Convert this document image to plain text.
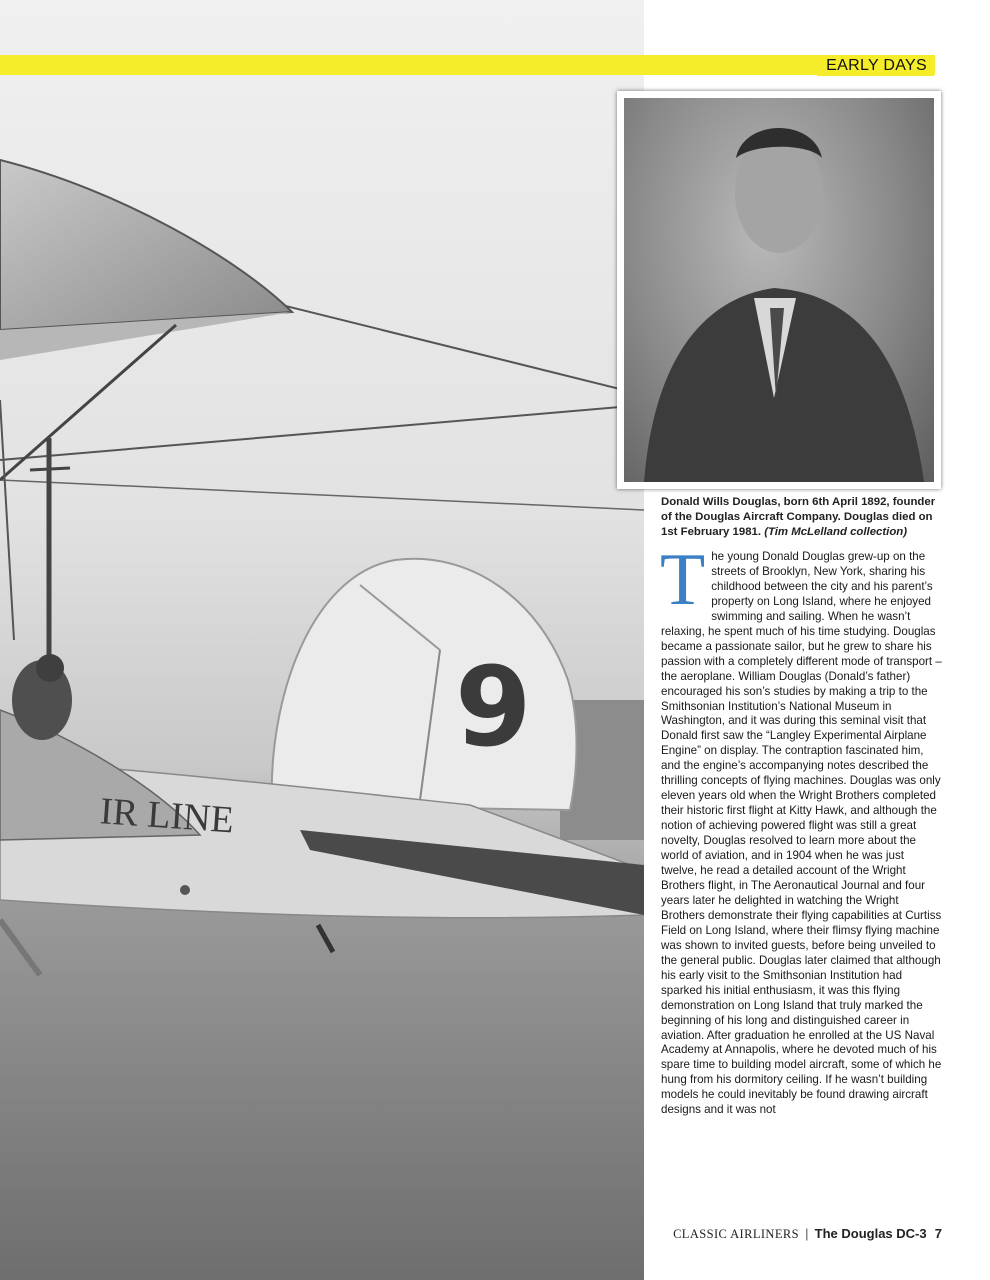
9
IR LINE
EARLY DAYS
Donald Wills Douglas, born 6th April 1892, founder of the Douglas Aircraft Company. Douglas died on 1st February 1981. (Tim McLelland collection)
T he young Donald Douglas grew-up on the streets of Brooklyn, New York, sharing his childhood between the city and his parent’s property on Long Island, where he enjoyed swimming and sailing. When he wasn’t relaxing, he spent much of his time studying. Douglas became a passionate sailor, but he grew to share his passion with a completely different mode of transport – the aeroplane. William Douglas (Donald’s father) encouraged his son’s studies by making a trip to the Smithsonian Institution’s National Museum in Washington, and it was during this seminal visit that Donald first saw the “Langley Experimental Airplane Engine” on display. The contraption fascinated him, and the engine’s accompanying notes described the thrilling concepts of flying machines. Douglas was only eleven years old when the Wright Brothers completed their historic first flight at Kitty Hawk, and although the notion of achieving powered flight was still a great novelty, Douglas resolved to learn more about the world of aviation, and in 1904 when he was just twelve, he read a detailed account of the Wright Brothers flight, in The Aeronautical Journal and four years later he delighted in watching the Wright Brothers demonstrate their flying capabilities at Curtiss Field on Long Island, where their flimsy flying machine was shown to invited guests, before being unveiled to the general public. Douglas later claimed that although his early visit to the Smithsonian Institution had sparked his initial enthusiasm, it was this flying demonstration on Long Island that truly marked the beginning of his long and distinguished career in aviation. After graduation he enrolled at the US Naval Academy at Annapolis, where he devoted much of his spare time to building model aircraft, some of which he hung from his dormitory ceiling. If he wasn’t building models he could inevitably be found drawing aircraft designs and it was not
CLASSIC AIRLINERS | The Douglas DC-3 7
